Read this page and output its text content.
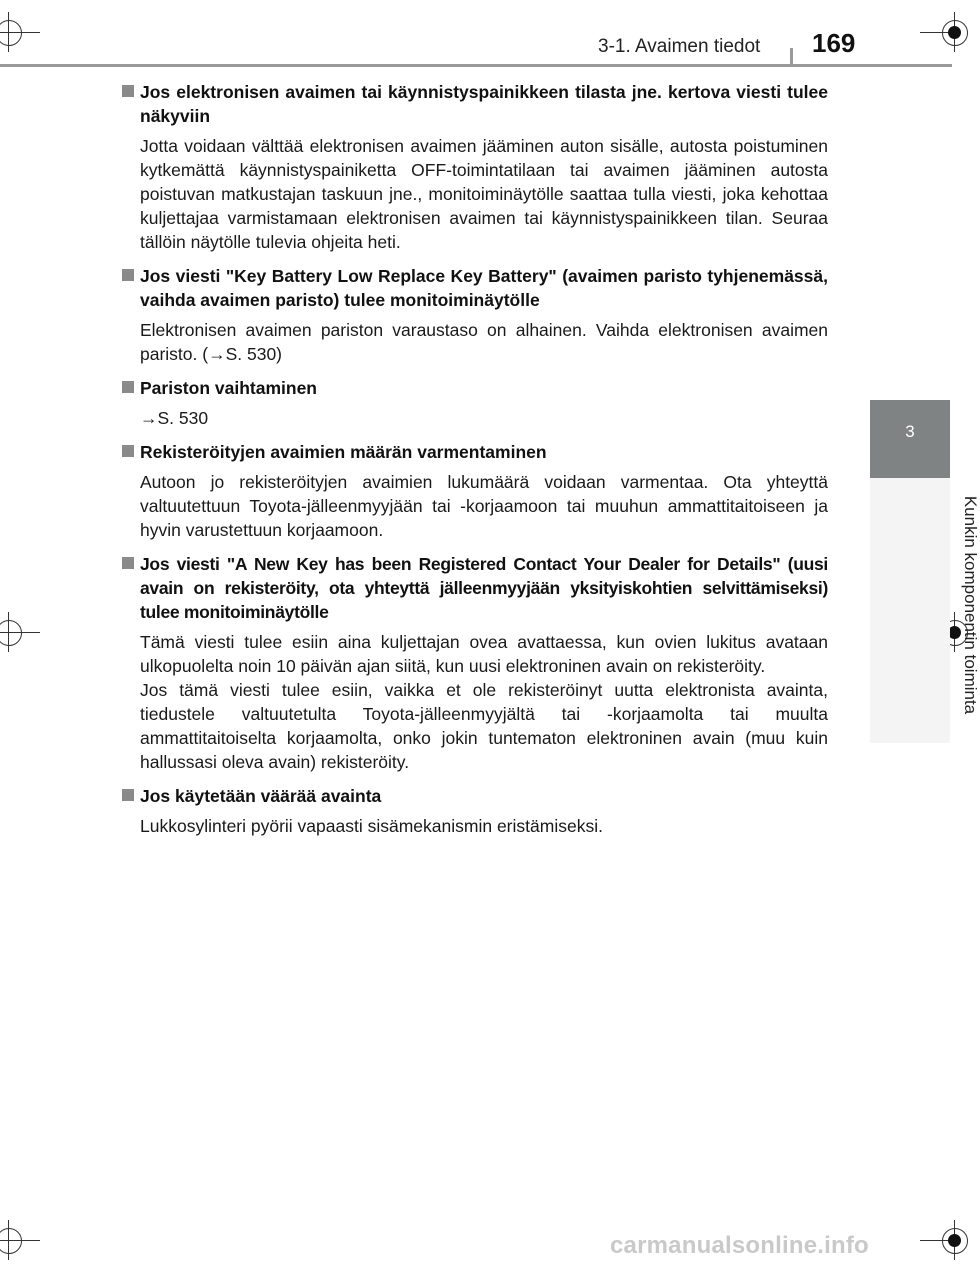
3-1. Avaimen tiedot 169
3
Kunkin komponentin toiminta
Jos elektronisen avaimen tai käynnistyspainikkeen tilasta jne. kertova viesti tulee näkyviin

Jotta voidaan välttää elektronisen avaimen jääminen auton sisälle, autosta poistuminen kytkemättä käynnistyspainiketta OFF-toimintatilaan tai avaimen jääminen autosta poistuvan matkustajan taskuun jne., monitoiminäytölle saattaa tulla viesti, joka kehottaa kuljettajaa varmistamaan elektronisen avaimen tai käynnistyspainikkeen tilan. Seuraa tällöin näytölle tulevia ohjeita heti.

Jos viesti "Key Battery Low Replace Key Battery" (avaimen paristo tyhjenemässä, vaihda avaimen paristo) tulee monitoiminäytölle

Elektronisen avaimen pariston varaustaso on alhainen. Vaihda elektronisen avaimen paristo. (→S. 530)

Pariston vaihtaminen

→S. 530

Rekisteröityjen avaimien määrän varmentaminen

Autoon jo rekisteröityjen avaimien lukumäärä voidaan varmentaa. Ota yhteyttä valtuutettuun Toyota-jälleenmyyjään tai -korjaamoon tai muuhun ammattitaitoiseen ja hyvin varustettuun korjaamoon.

Jos viesti "A New Key has been Registered Contact Your Dealer for Details" (uusi avain on rekisteröity, ota yhteyttä jälleenmyyjään yksityiskohtien selvittämiseksi) tulee monitoiminäytölle

Tämä viesti tulee esiin aina kuljettajan ovea avattaessa, kun ovien lukitus avataan ulkopuolelta noin 10 päivän ajan siitä, kun uusi elektroninen avain on rekisteröity.

Jos tämä viesti tulee esiin, vaikka et ole rekisteröinyt uutta elektronista avainta, tiedustele valtuutetulta Toyota-jälleenmyyjältä tai -korjaamolta tai muulta ammattitaitoiselta korjaamolta, onko jokin tuntematon elektroninen avain (muu kuin hallussasi oleva avain) rekisteröity.

Jos käytetään väärää avainta

Lukkosylinteri pyörii vapaasti sisämekanismin eristämiseksi.

carmanualsonline.info
